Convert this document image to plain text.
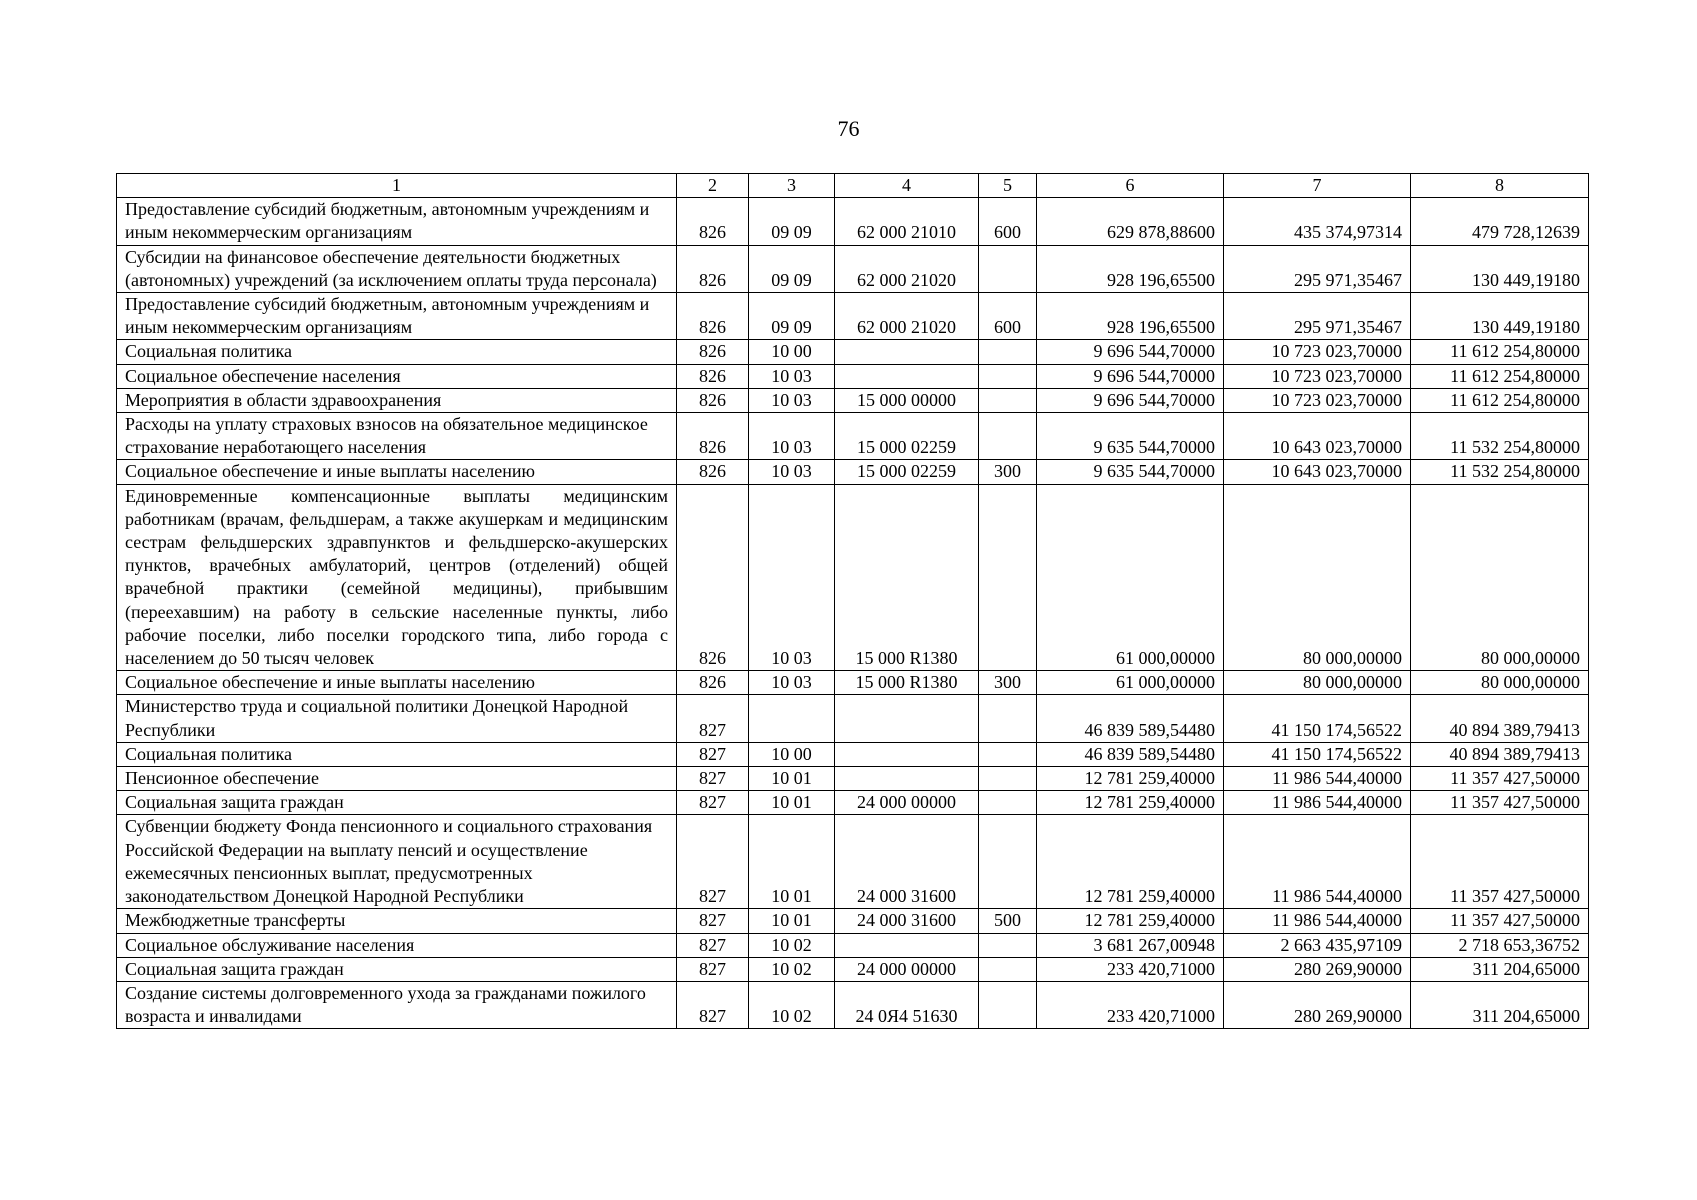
76
1	2	3	4	5	6	7	8
Предоставление субсидий бюджетным, автономным учреждениям и иным некоммерческим организациям	826	09 09	62 000 21010	600	629 878,88600	435 374,97314	479 728,12639
Субсидии на финансовое обеспечение деятельности бюджетных (автономных) учреждений (за исключением оплаты труда персонала)	826	09 09	62 000 21020		928 196,65500	295 971,35467	130 449,19180
Предоставление субсидий бюджетным, автономным учреждениям и иным некоммерческим организациям	826	09 09	62 000 21020	600	928 196,65500	295 971,35467	130 449,19180
Социальная политика	826	10 00			9 696 544,70000	10 723 023,70000	11 612 254,80000
Социальное обеспечение населения	826	10 03			9 696 544,70000	10 723 023,70000	11 612 254,80000
Мероприятия в области здравоохранения	826	10 03	15 000 00000		9 696 544,70000	10 723 023,70000	11 612 254,80000
Расходы на уплату страховых взносов на обязательное медицинское страхование неработающего населения	826	10 03	15 000 02259		9 635 544,70000	10 643 023,70000	11 532 254,80000
Социальное обеспечение и иные выплаты населению	826	10 03	15 000 02259	300	9 635 544,70000	10 643 023,70000	11 532 254,80000
Единовременные компенсационные выплаты медицинским работникам (врачам, фельдшерам, а также акушеркам и медицинским сестрам фельдшерских здравпунктов и фельдшерско-акушерских пунктов, врачебных амбулаторий, центров (отделений) общей врачебной практики (семейной медицины), прибывшим (переехавшим) на работу в сельские населенные пункты, либо рабочие поселки, либо поселки городского типа, либо города с населением до 50 тысяч человек	826	10 03	15 000 R1380		61 000,00000	80 000,00000	80 000,00000
Социальное обеспечение и иные выплаты населению	826	10 03	15 000 R1380	300	61 000,00000	80 000,00000	80 000,00000
Министерство труда и социальной политики Донецкой Народной Республики	827				46 839 589,54480	41 150 174,56522	40 894 389,79413
Социальная политика	827	10 00			46 839 589,54480	41 150 174,56522	40 894 389,79413
Пенсионное обеспечение	827	10 01			12 781 259,40000	11 986 544,40000	11 357 427,50000
Социальная защита граждан	827	10 01	24 000 00000		12 781 259,40000	11 986 544,40000	11 357 427,50000
Субвенции бюджету Фонда пенсионного и социального страхования Российской Федерации на выплату пенсий и осуществление ежемесячных пенсионных выплат, предусмотренных законодательством Донецкой Народной Республики	827	10 01	24 000 31600		12 781 259,40000	11 986 544,40000	11 357 427,50000
Межбюджетные трансферты	827	10 01	24 000 31600	500	12 781 259,40000	11 986 544,40000	11 357 427,50000
Социальное обслуживание населения	827	10 02			3 681 267,00948	2 663 435,97109	2 718 653,36752
Социальная защита граждан	827	10 02	24 000 00000		233 420,71000	280 269,90000	311 204,65000
Создание системы долговременного ухода за гражданами пожилого возраста и инвалидами	827	10 02	24 0Я4 51630		233 420,71000	280 269,90000	311 204,65000
